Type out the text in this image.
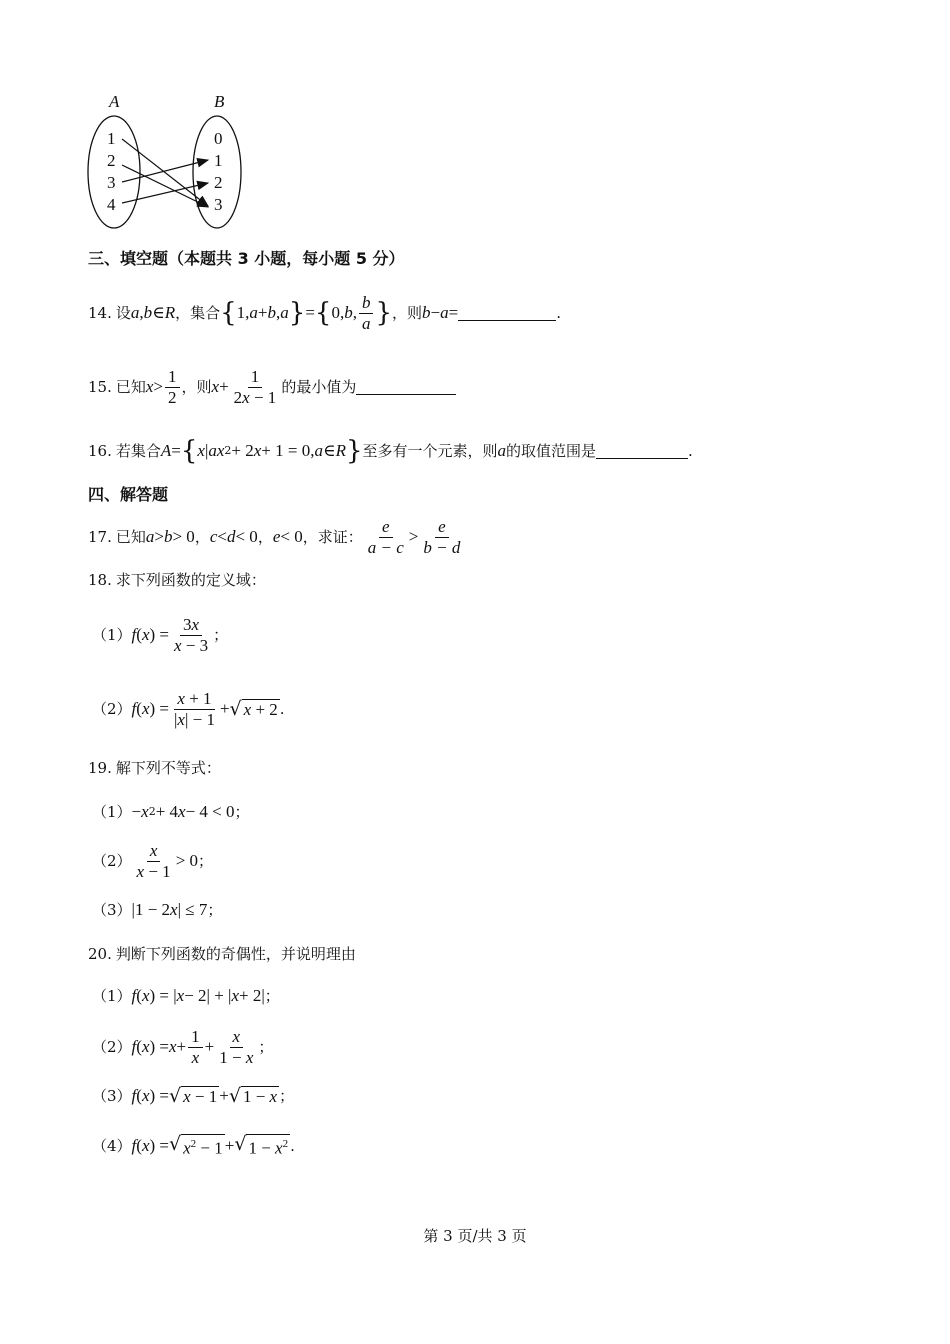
A	B
1
2
3
4
0
1
2
3
三、填空题（本题共 3 小题，每小题 5 分）
14. 设 a , b ∈ R ，集合 { 1, a + b , a } = { 0, b , $\frac{b}{a}$ } ，则 b − a =	.
15. 已知 $x > \frac{1}{2}$ ，则 $x + \frac{1}{2x - 1}$ 的最小值为
16. 若集合 A = { x | ax 2 + 2 x + 1 = 0, a ∈ R } 至多有一个元素，则 a 的取值范围是	.
四、解答题
17. 已知 a > b > 0 ， c < d < 0 ， e < 0 ，求证： $\frac{e}{a - c} > \frac{e}{b - d}$
18. 求下列函数的定义域：
（1） f ( x ) = $\frac{3x}{x - 3}$ ；
（2） f ( x ) = $\frac{x + 1}{|x| - 1}$ + √ x + 2 .
19. 解下列不等式：
（1） − x 2 + 4 x − 4 < 0 ；
$(2) \frac{x}{x - 1} > 0$ ；
（3） |1 − 2 x | ≤ 7 ；
20. 判断下列函数的奇偶性，并说明理由
（1） f ( x ) = | x − 2| + | x + 2| ；
（2） f ( x ) = $x + \frac{1}{x} + \frac{x}{1 - x}$ ；
（3） f ( x ) = √ x − 1 + √ 1 − x ；
（4） f ( x ) = √ $x^2 - 1$ + √ $1 - x^2$ .
第 3 页/共 3 页
